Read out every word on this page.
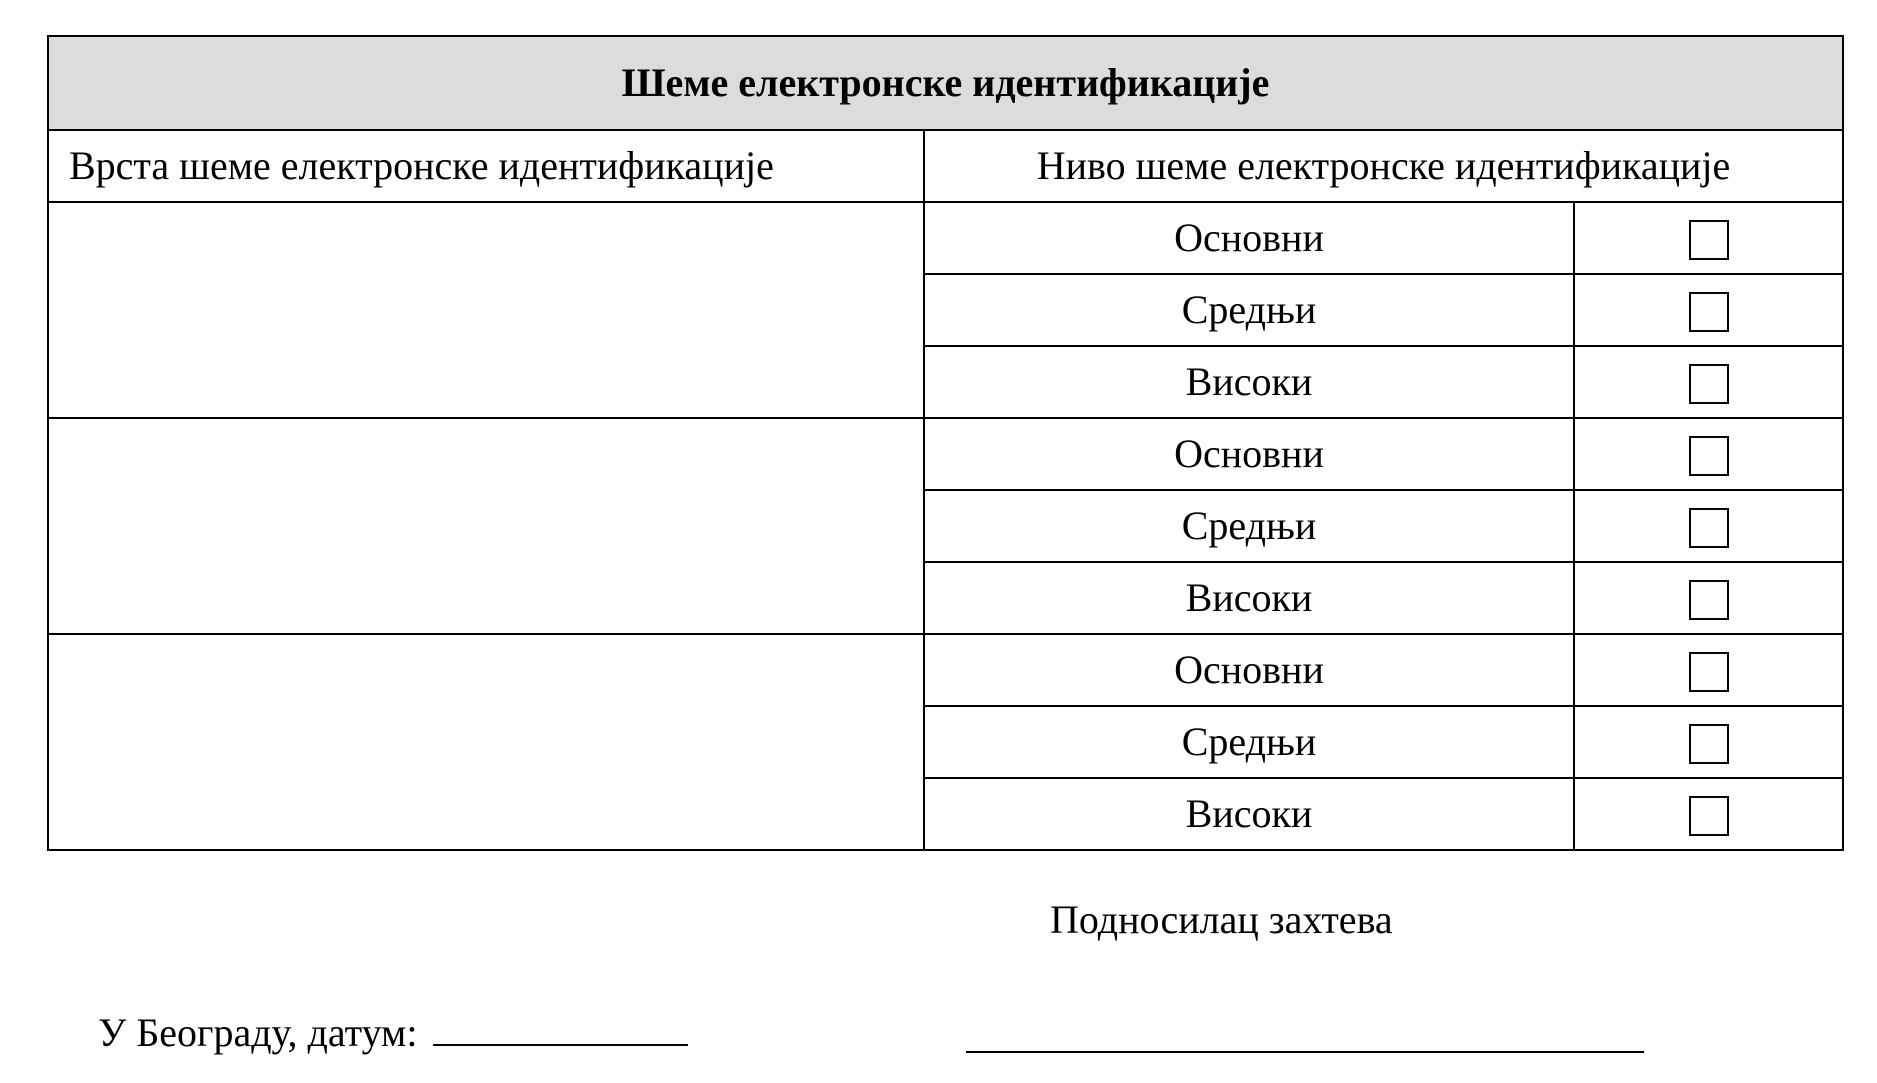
Шеме електронске идентификације		
Врста шеме електронске идентификације	Ниво шеме електронске идентификације	
	Основни	
	Средњи	
	Високи	
	Основни	
	Средњи	
	Високи	
	Основни	
	Средњи	
	Високи	
Подносилац захтева
У Београду, датум:
